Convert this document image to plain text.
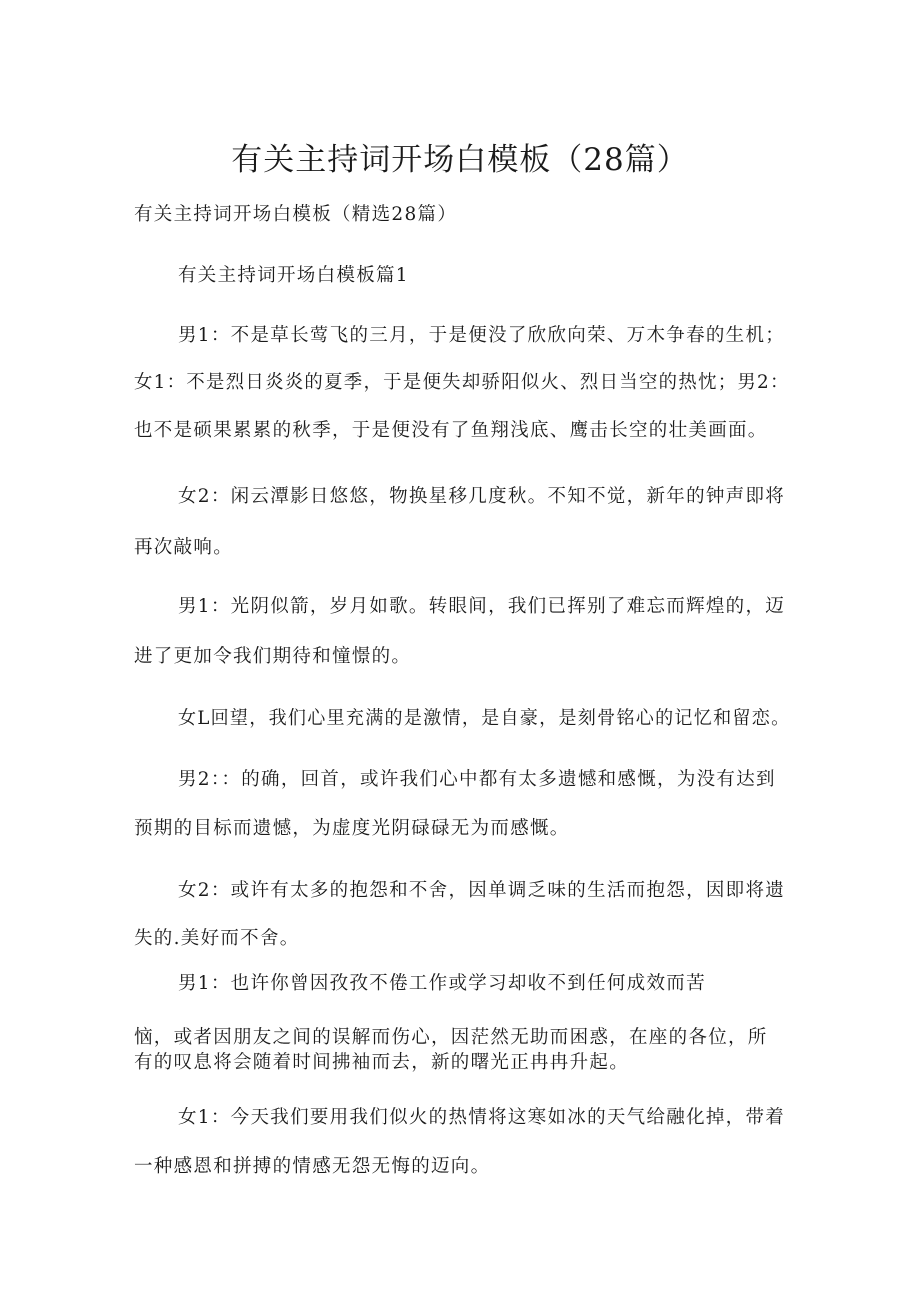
有关主持词开场白模板（28篇）
有关主持词开场白模板（精选28篇）
有关主持词开场白模板篇1
男1：不是草长莺飞的三月，于是便没了欣欣向荣、万木争春的生机；
女1：不是烈日炎炎的夏季，于是便失却骄阳似火、烈日当空的热忱；男2：
也不是硕果累累的秋季，于是便没有了鱼翔浅底、鹰击长空的壮美画面。
女2：闲云潭影日悠悠，物换星移几度秋。不知不觉，新年的钟声即将
再次敲响。
男1：光阴似箭，岁月如歌。转眼间，我们已挥别了难忘而辉煌的，迈
进了更加令我们期待和憧憬的。
女L回望，我们心里充满的是激情，是自豪，是刻骨铭心的记忆和留恋。
男2：：的确，回首，或许我们心中都有太多遗憾和感慨，为没有达到
预期的目标而遗憾，为虚度光阴碌碌无为而感慨。
女2：或许有太多的抱怨和不舍，因单调乏味的生活而抱怨，因即将遗
失的.美好而不舍。
男1：也许你曾因孜孜不倦工作或学习却收不到任何成效而苦
恼，或者因朋友之间的误解而伤心，因茫然无助而困惑，在座的各位，所
有的叹息将会随着时间拂袖而去，新的曙光正冉冉升起。
女1：今天我们要用我们似火的热情将这寒如冰的天气给融化掉，带着
一种感恩和拼搏的情感无怨无悔的迈向。
